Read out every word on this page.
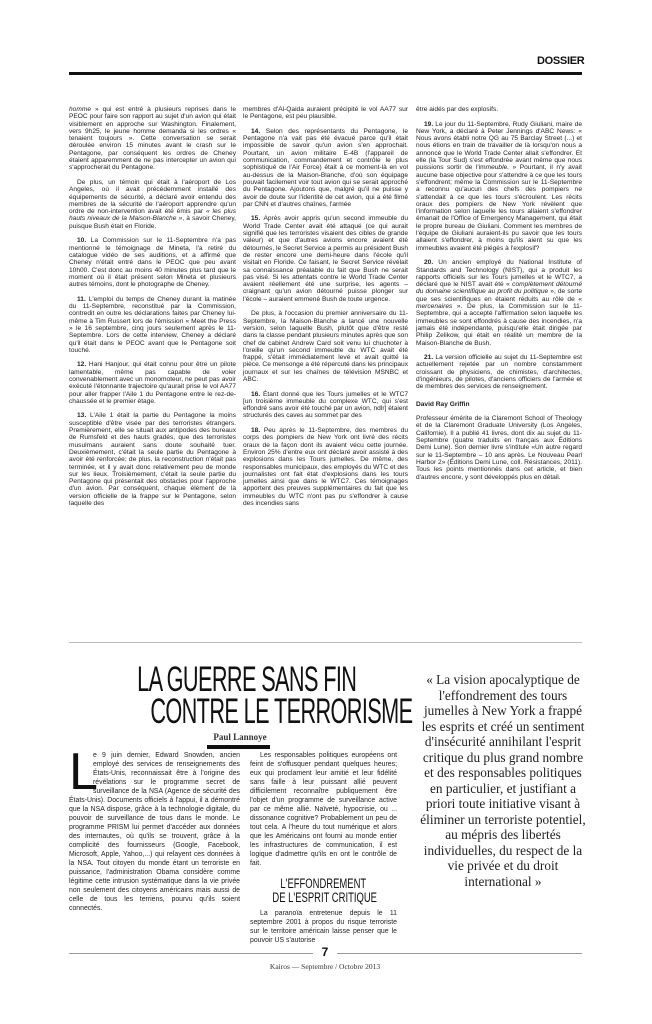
DOSSIER

homme » qui est entré à plusieurs reprises dans le PEOC pour faire son rapport au sujet d'un avion qui était visiblement en approche sur Washington. Finalement, vers 9h25, le jeune homme demanda si les ordres « tenaient toujours ». Cette conversation se serait déroulée environ 15 minutes avant le crash sur le Pentagone, par conséquent les ordres de Cheney étaient apparemment de ne pas intercepter un avion qui s'approcherait du Pentagone.

De plus, un témoin qui était à l'aéroport de Los Angeles, où il avait précédemment installé des équipements de sécurité, a déclaré avoir entendu des membres de la sécurité de l'aéroport apprendre qu'un ordre de non-intervention avait été émis par « les plus hauts niveaux de la Maison-Blanche », à savoir Cheney, puisque Bush était en Floride.

10. La Commission sur le 11-Septembre n'a pas mentionné le témoignage de Mineta, l'a retiré du catalogue vidéo de ses auditions, et a affirmé que Cheney n'était entré dans le PEOC que peu avant 10h00. C'est donc au moins 40 minutes plus tard que le moment où il était présent selon Mineta et plusieurs autres témoins, dont le photographe de Cheney.

11. L'emploi du temps de Cheney durant la matinée du 11-Septembre, reconstitué par la Commission, contredit en outre les déclarations faites par Cheney lui-même à Tim Russert lors de l'émission « Meet the Press » le 16 septembre, cinq jours seulement après le 11-Septembre. Lors de cette interview, Cheney a déclaré qu'il était dans le PEOC avant que le Pentagone soit touché.

12. Hani Hanjour, qui était connu pour être un pilote lamentable, même pas capable de voler convenablement avec un monomoteur, ne peut pas avoir exécuté l'étonnante trajectoire qu'aurait prise le vol AA77 pour aller frapper l'Aile 1 du Pentagone entre le rez-de-chaussée et le premier étage.

13. L'Aile 1 était la partie du Pentagone la moins susceptible d'être visée par des terroristes étrangers. Premièrement, elle se situait aux antipodes des bureaux de Rumsfeld et des hauts gradés, que des terroristes musulmans auraient sans doute souhaité tuer. Deuxièmement, c'était la seule partie du Pentagone à avoir été renforcée; de plus, la reconstruction n'était pas terminée, et il y avait donc relativement peu de monde sur les lieux. Troisièmement, c'était la seule partie du Pentagone qui présentait des obstacles pour l'approche d'un avion. Par conséquent, chaque élément de la version officielle de la frappe sur le Pentagone, selon laquelle des

membres d'Al-Qaida auraient précipité le vol AA77 sur le Pentagone, est peu plausible.

14. Selon des représentants du Pentagone, le Pentagone n'a vait pas été évacué parce qu'il était impossible de savoir qu'un avion s'en approchait. Pourtant, un avion militaire E-4B (l'appareil de communication, commandement et contrôle le plus sophistiqué de l'Air Force) était à ce moment-là en vol au-dessus de la Maison-Blanche, d'où son équipage pouvait facilement voir tout avion qui se serait approché du Pentagone. Ajoutons que, malgré qu'il ne puisse y avoir de doute sur l'identité de cet avion, qui a été filmé par CNN et d'autres chaînes, l'armée

15. Après avoir appris qu'un second immeuble du World Trade Center avait été attaqué (ce qui aurait signifié que les terroristes visaient des cibles de grande valeur) et que d'autres avions encore avaient été détournés, le Secret Service a permis au président Bush de rester encore une demi-heure dans l'école qu'il visitait en Floride. Ce faisant, le Secret Service révélait sa connaissance préalable du fait que Bush ne serait pas visé. Si les attentats contre le World Trade Center avaient réellement été une surprise, les agents – craignant qu'un avion détourné puisse plonger sur l'école – auraient emmené Bush de toute urgence.

De plus, à l'occasion du premier anniversaire du 11-Septembre, la Maison-Blanche a lancé une nouvelle version, selon laquelle Bush, plutôt que d'être resté dans la classe pendant plusieurs minutes après que son chef de cabinet Andrew Card soit venu lui chuchoter à l'oreille qu'un second immeuble du WTC avait été frappé, s'était immédiatement levé et avait quitté la pièce. Ce mensonge a été répercuté dans les principaux journaux et sur les chaînes de télévision MSNBC et ABC.

16. Étant donné que les Tours jumelles et le WTC7 [un troisième immeuble du complexe WTC, qui s'est effondré sans avoir été touché par un avion, ndlr] étaient structurés des caves au sommet par des

18. Peu après le 11-Septembre, des membres du corps des pompiers de New York ont livré des récits oraux de la façon dont ils avaient vécu cette journée. Environ 25% d'entre eux ont déclaré avoir assisté à des explosions dans les Tours jumelles. De même, des responsables municipaux, des employés du WTC et des journalistes ont fait état d'explosions dans les tours jumelles ainsi que dans le WTC7. Ces témoignages apportent des preuves supplémentaires du fait que les immeubles du WTC n'ont pas pu s'effondrer à cause des incendies sans

être aidés par des explosifs.

19. Le jour du 11-Septembre, Rudy Giuliani, maire de New York, a déclaré à Peter Jennings d'ABC News: « Nous avons établi notre QG au 75 Barclay Street (...) et nous étions en train de travailler de là lorsqu'on nous a annoncé que le World Trade Center allait s'effondrer. Et elle (la Tour Sud) s'est effondrée avant même que nous puissions sortir de l'immeuble. » Pourtant, il n'y avait aucune base objective pour s'attendre à ce que les tours s'effondrent; même la Commission sur le 11-Septembre a reconnu qu'aucun des chefs des pompiers ne s'attendait à ce que les tours s'écroulent. Les récits oraux des pompiers de New York révèlent que l'information selon laquelle les tours allaient s'effondrer émanait de l'Office of Emergency Management, qui était le propre bureau de Giuliani. Comment les membres de l'équipe de Giuliani auraient-ils pu savoir que les tours allaient s'effondrer, à moins qu'ils aient su que les immeubles avaient été piégés à l'explosif?

20. Un ancien employé du National Institute of Standards and Technology (NIST), qui a produit les rapports officiels sur les Tours jumelles et le WTC7, a déclaré que le NIST avait été « complètement détourné du domaine scientifique au profit du politique », de sorte que ses scientifiques en étaient réduits au rôle de « mercenaires ». De plus, la Commission sur le 11-Septembre, qui a accepté l'affirmation selon laquelle les immeubles se sont effondrés à cause des incendies, n'a jamais été indépendante, puisqu'elle était dirigée par Philip Zelikow, qui était en réalité un membre de la Maison-Blanche de Bush.

21. La version officielle au sujet du 11-Septembre est actuellement rejetée par un nombre constamment croissant de physiciens, de chimistes, d'architectes, d'ingénieurs, de pilotes, d'anciens officiers de l'armée et de membres des services de renseignement.

David Ray Griffin

Professeur émérite de la Claremont School of Theology et de la Claremont Graduate University (Los Angeles, Californie). Il a publié 41 livres, dont dix au sujet du 11-Septembre (quatre traduits en français aux Éditions Demi Lune). Son dernier livre s'intitule «Un autre regard sur le 11-Septembre – 10 ans après. Le Nouveau Pearl Harbor 2» (Éditions Demi Lune, coll. Résistances, 2011). Tous les points mentionnés dans cet article, et bien d'autres encore, y sont développés plus en détail.

LA GUERRE SANS FIN
CONTRE LE TERRORISME
Paul Lannoye

L
e 9 juin dernier, Edward Snowden, ancien employé des services de renseignements des États-Unis, reconnaissait être à l'origine des révélations sur le programme secret de surveillance de la NSA (Agence de sécurité des États-Unis). Documents officiels à l'appui, il a démontré que la NSA dispose, grâce à la technologie digitale, du pouvoir de surveillance de tous dans le monde. Le programme PRISM lui permet d'accéder aux données des internautes, où qu'ils se trouvent, grâce à la complicité des fournisseurs (Google, Facebook, Microsoft, Apple, Yahoo,...) qui relayent ces données à la NSA. Tout citoyen du monde étant un terroriste en puissance, l'administration Obama considère comme légitime cette intrusion systématique dans la vie privée non seulement des citoyens américains mais aussi de celle de tous les terriens, pourvu qu'ils soient connectés.

Les responsables politiques européens ont feint de s'offusquer pendant quelques heures; eux qui proclament leur amitié et leur fidélité sans faille à leur puissant allié peuvent difficilement reconnaître publiquement être l'objet d'un programme de surveillance active par ce même allié. Naïveté, hypocrisie, ou ... dissonance cognitive? Probablement un peu de tout cela. A l'heure du tout numérique et alors que les Américains ont fourni au monde entier les infrastructures de communication, il est logique d'admettre qu'ils en ont le contrôle de fait.

L'EFFONDREMENT
DE L'ESPRIT CRITIQUE

La paranoïa entretenue depuis le 11 septembre 2001 à propos du risque terroriste sur le territoire américain laisse penser que le pouvoir US s'autorise

« La vision apocalyptique de l'effondrement des tours jumelles à New York a frappé les esprits et créé un sentiment d'insécurité annihilant l'esprit critique du plus grand nombre et des responsables politiques en particulier, et justifiant a priori toute initiative visant à éliminer un terroriste potentiel, au mépris des libertés individuelles, du respect de la vie privée et du droit international »
7
Kairos — Septembre / Octobre 2013
